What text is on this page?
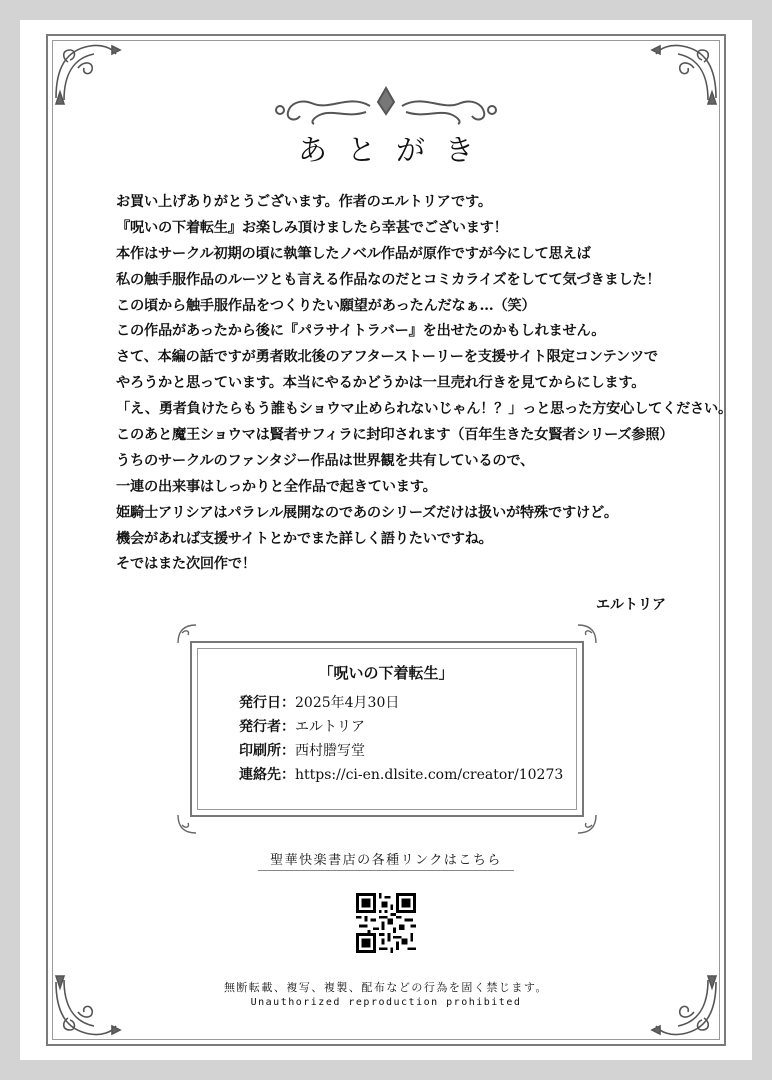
あとがき
お買い上げありがとうございます。作者のエルトリアです。
『呪いの下着転生』お楽しみ頂けましたら幸甚でございます！
本作はサークル初期の頃に執筆したノベル作品が原作ですが今にして思えば
私の触手服作品のルーツとも言える作品なのだとコミカライズをしてて気づきました！
この頃から触手服作品をつくりたい願望があったんだなぁ…（笑）
この作品があったから後に『パラサイトラバー』を出せたのかもしれません。
さて、本編の話ですが勇者敗北後のアフターストーリーを支援サイト限定コンテンツで
やろうかと思っています。本当にやるかどうかは一旦売れ行きを見てからにします。
「え、勇者負けたらもう誰もショウマ止められないじゃん！？」っと思った方安心してください。
このあと魔王ショウマは賢者サフィラに封印されます（百年生きた女賢者シリーズ参照）
うちのサークルのファンタジー作品は世界観を共有しているので、
一連の出来事はしっかりと全作品で起きています。
姫騎士アリシアはパラレル展開なのであのシリーズだけは扱いが特殊ですけど。
機会があれば支援サイトとかでまた詳しく語りたいですね。
そではまた次回作で！
エルトリア
「呪いの下着転生」
発行日：2025年4月30日
発行者：エルトリア
印刷所：西村謄写堂
連絡先：https://ci-en.dlsite.com/creator/10273
聖華快楽書店の各種リンクはこちら
無断転載、複写、複製、配布などの行為を固く禁じます。
Unauthorized reproduction prohibited
